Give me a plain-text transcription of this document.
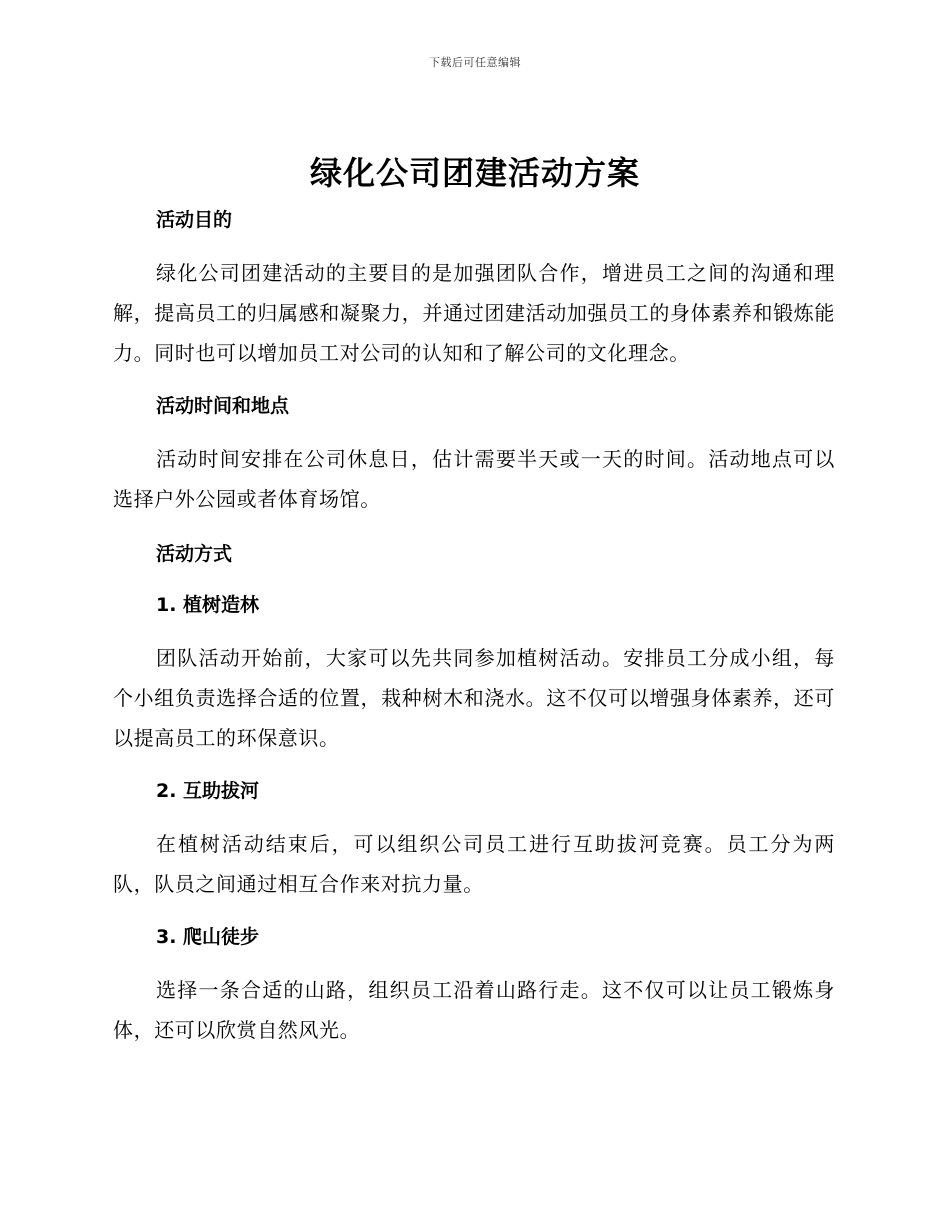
下载后可任意编辑
绿化公司团建活动方案
活动目的

绿化公司团建活动的主要目的是加强团队合作，增进员工之间的沟通和理解，提高员工的归属感和凝聚力，并通过团建活动加强员工的身体素养和锻炼能力。同时也可以增加员工对公司的认知和了解公司的文化理念。

活动时间和地点

活动时间安排在公司休息日，估计需要半天或一天的时间。活动地点可以选择户外公园或者体育场馆。

活动方式
1. 植树造林

团队活动开始前，大家可以先共同参加植树活动。安排员工分成小组，每个小组负责选择合适的位置，栽种树木和浇水。这不仅可以增强身体素养，还可以提高员工的环保意识。

2. 互助拔河

在植树活动结束后，可以组织公司员工进行互助拔河竞赛。员工分为两队，队员之间通过相互合作来对抗力量。

3. 爬山徒步

选择一条合适的山路，组织员工沿着山路行走。这不仅可以让员工锻炼身体，还可以欣赏自然风光。
